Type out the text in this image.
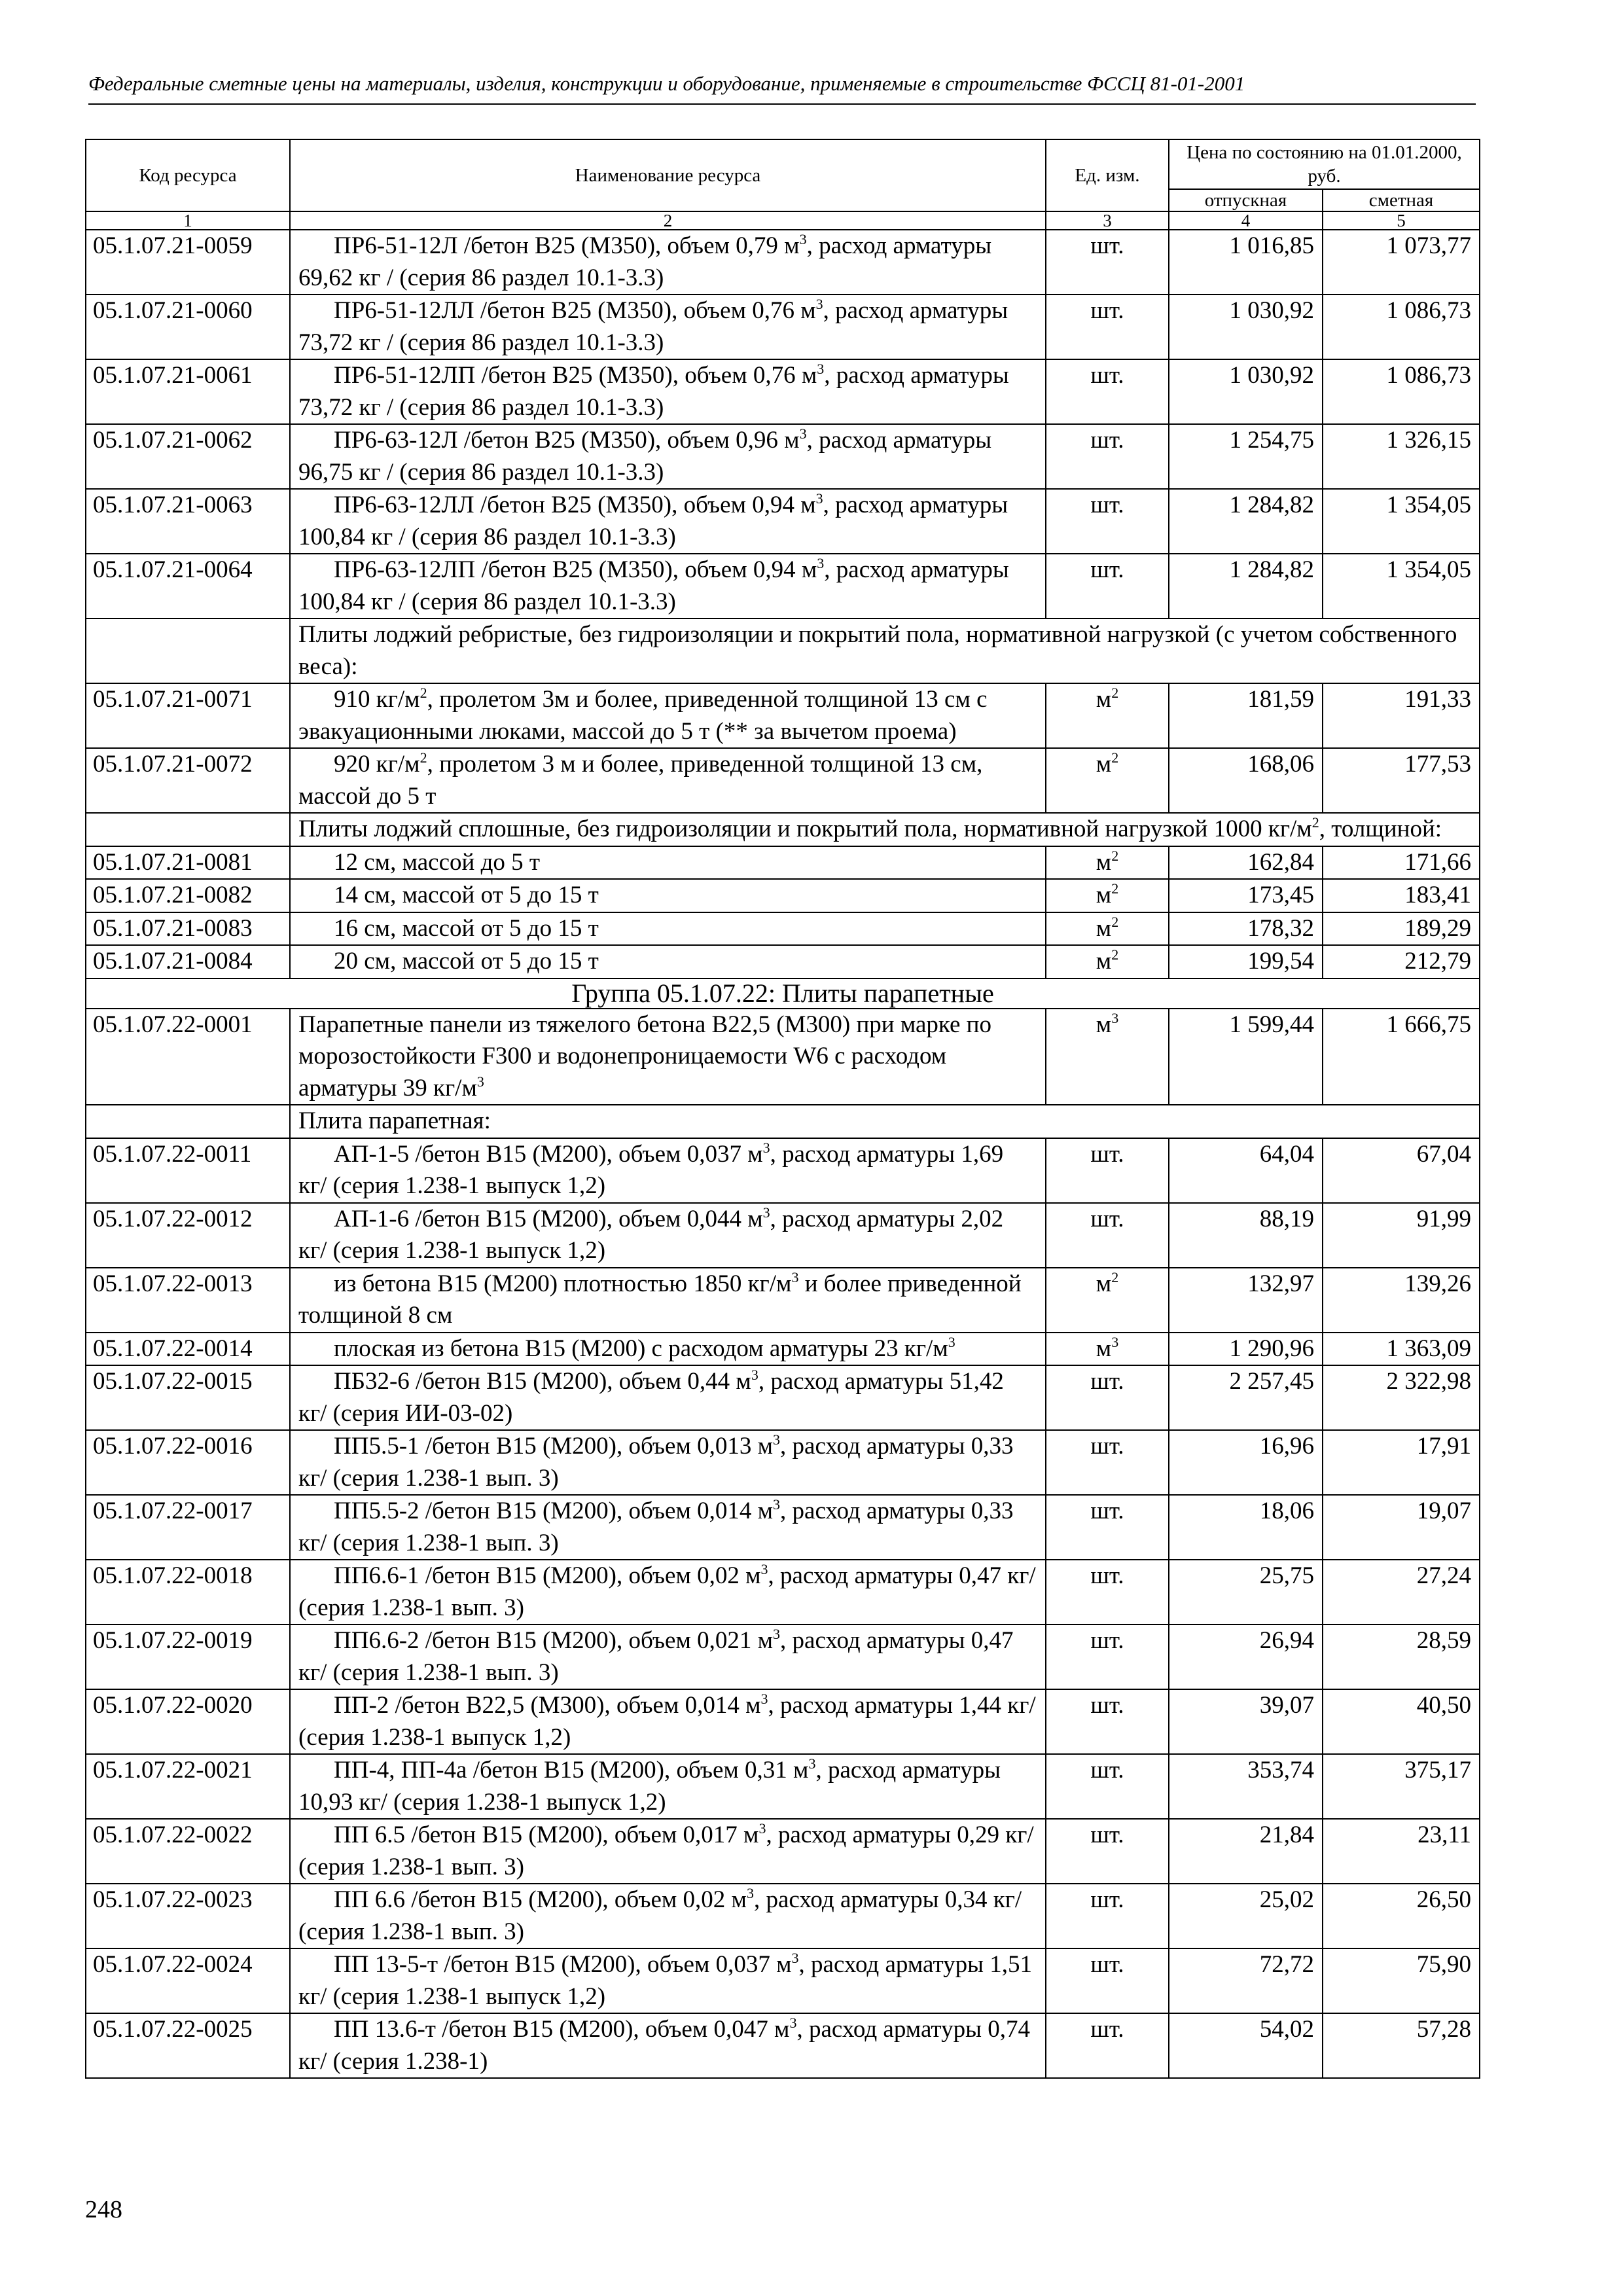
Федеральные сметные цены на материалы, изделия, конструкции и оборудование, применяемые в строительстве ФССЦ 81-01-2001
Код ресурса	Наименование ресурса	Ед. изм.	Цена по состоянию на 01.01.2000, руб.	
			отпускная	сметная
1	2	3	4	5
05.1.07.21-0059	ПР6-51-12Л /бетон В25 (М350), объем 0,79 $м^3$, расход арматуры 69,62 кг / (серия 86 раздел 10.1-3.3)	шт.	1 016,85	1 073,77
05.1.07.21-0060	ПР6-51-12ЛЛ /бетон В25 (М350), объем 0,76 $м^3$, расход арматуры 73,72 кг / (серия 86 раздел 10.1-3.3)	шт.	1 030,92	1 086,73
05.1.07.21-0061	ПР6-51-12ЛП /бетон В25 (М350), объем 0,76 $м^3$, расход арматуры 73,72 кг / (серия 86 раздел 10.1-3.3)	шт.	1 030,92	1 086,73
05.1.07.21-0062	ПР6-63-12Л /бетон В25 (М350), объем 0,96 $м^3$, расход арматуры 96,75 кг / (серия 86 раздел 10.1-3.3)	шт.	1 254,75	1 326,15
05.1.07.21-0063	ПР6-63-12ЛЛ /бетон В25 (М350), объем 0,94 $м^3$, расход арматуры 100,84 кг / (серия 86 раздел 10.1-3.3)	шт.	1 284,82	1 354,05
05.1.07.21-0064	ПР6-63-12ЛП /бетон В25 (М350), объем 0,94 $м^3$, расход арматуры 100,84 кг / (серия 86 раздел 10.1-3.3)	шт.	1 284,82	1 354,05
	Плиты лоджий ребристые, без гидроизоляции и покрытий пола, нормативной нагрузкой (с учетом собственного веса):			
05.1.07.21-0071	910 $кг/м^2$, пролетом 3м и более, приведенной толщиной 13 см с эвакуационными люками, массой до 5 т (** за вычетом проема)	$м^2$	181,59	191,33
05.1.07.21-0072	920 $кг/м^2$, пролетом 3 м и более, приведенной толщиной 13 см, массой до 5 т	$м^2$	168,06	177,53
	Плиты лоджий сплошные, без гидроизоляции и покрытий пола, нормативной нагрузкой 1000 $кг/м^2$, толщиной:			
05.1.07.21-0081	12 см, массой до 5 т	$м^2$	162,84	171,66
05.1.07.21-0082	14 см, массой от 5 до 15 т	$м^2$	173,45	183,41
05.1.07.21-0083	16 см, массой от 5 до 15 т	$м^2$	178,32	189,29
05.1.07.21-0084	20 см, массой от 5 до 15 т	$м^2$	199,54	212,79
Группа 05.1.07.22: Плиты парапетные				
05.1.07.22-0001	Парапетные панели из тяжелого бетона В22,5 (М300) при марке по морозостойкости F300 и водонепроницаемости W6 с расходом арматуры 39 $кг/м^3$	$м^3$	1 599,44	1 666,75
	Плита парапетная:			
05.1.07.22-0011	АП-1-5 /бетон В15 (М200), объем 0,037 $м^3$, расход арматуры 1,69 кг/ (серия 1.238-1 выпуск 1,2)	шт.	64,04	67,04
05.1.07.22-0012	АП-1-6 /бетон В15 (М200), объем 0,044 $м^3$, расход арматуры 2,02 кг/ (серия 1.238-1 выпуск 1,2)	шт.	88,19	91,99
05.1.07.22-0013	из бетона В15 (М200) плотностью 1850 $кг/м^3$ и более приведенной толщиной 8 см	$м^2$	132,97	139,26
05.1.07.22-0014	плоская из бетона В15 (М200) с расходом арматуры 23 $кг/м^3$	$м^3$	1 290,96	1 363,09
05.1.07.22-0015	ПБ32-6 /бетон В15 (М200), объем 0,44 $м^3$, расход арматуры 51,42 кг/ (серия ИИ-03-02)	шт.	2 257,45	2 322,98
05.1.07.22-0016	ПП5.5-1 /бетон В15 (М200), объем 0,013 $м^3$, расход арматуры 0,33 кг/ (серия 1.238-1 вып. 3)	шт.	16,96	17,91
05.1.07.22-0017	ПП5.5-2 /бетон В15 (М200), объем 0,014 $м^3$, расход арматуры 0,33 кг/ (серия 1.238-1 вып. 3)	шт.	18,06	19,07
05.1.07.22-0018	ПП6.6-1 /бетон В15 (М200), объем 0,02 $м^3$, расход арматуры 0,47 кг/ (серия 1.238-1 вып. 3)	шт.	25,75	27,24
05.1.07.22-0019	ПП6.6-2 /бетон В15 (М200), объем 0,021 $м^3$, расход арматуры 0,47 кг/ (серия 1.238-1 вып. 3)	шт.	26,94	28,59
05.1.07.22-0020	ПП-2 /бетон В22,5 (М300), объем 0,014 $м^3$, расход арматуры 1,44 кг/ (серия 1.238-1 выпуск 1,2)	шт.	39,07	40,50
05.1.07.22-0021	ПП-4, ПП-4а /бетон В15 (М200), объем 0,31 $м^3$, расход арматуры 10,93 кг/ (серия 1.238-1 выпуск 1,2)	шт.	353,74	375,17
05.1.07.22-0022	ПП 6.5 /бетон В15 (М200), объем 0,017 $м^3$, расход арматуры 0,29 кг/ (серия 1.238-1 вып. 3)	шт.	21,84	23,11
05.1.07.22-0023	ПП 6.6 /бетон В15 (М200), объем 0,02 $м^3$, расход арматуры 0,34 кг/ (серия 1.238-1 вып. 3)	шт.	25,02	26,50
05.1.07.22-0024	ПП 13-5-т /бетон В15 (М200), объем 0,037 $м^3$, расход арматуры 1,51 кг/ (серия 1.238-1 выпуск 1,2)	шт.	72,72	75,90
05.1.07.22-0025	ПП 13.6-т /бетон В15 (М200), объем 0,047 $м^3$, расход арматуры 0,74 кг/ (серия 1.238-1)	шт.	54,02	57,28
248
